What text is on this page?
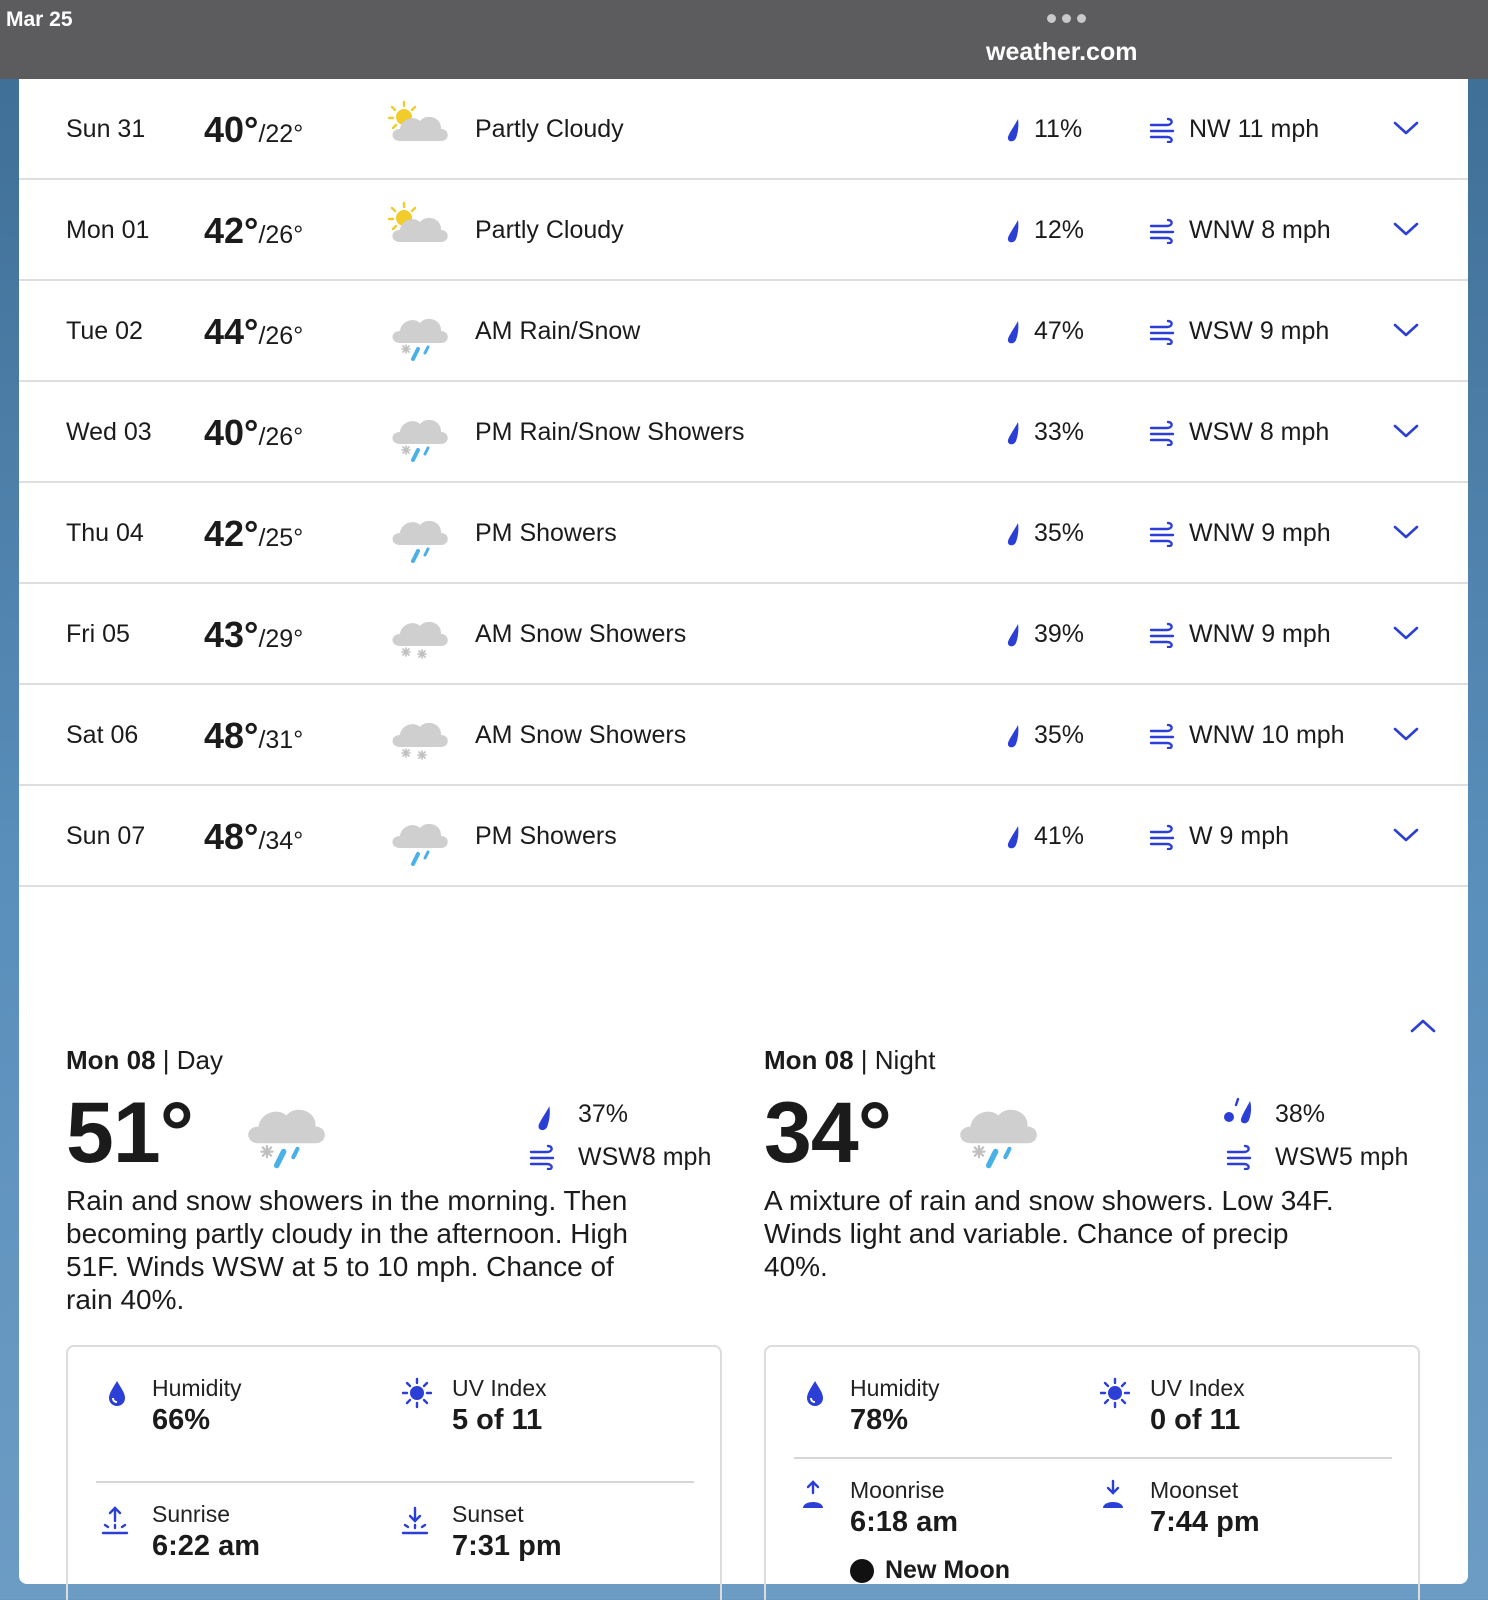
Mar 25
weather.com
Sun 31 40°/22°	Partly Cloudy	11%	NW 11 mph
Mon 01 42°/26°	Partly Cloudy	12%	WNW 8 mph
Tue 02 44°/26°	AM Rain/Snow	47%	WSW 9 mph
Wed 03 40°/26°	PM Rain/Snow Showers	33%	WSW 8 mph
Thu 04 42°/25°	PM Showers	35%	WNW 9 mph
Fri 05 43°/29°	AM Snow Showers	39%	WNW 9 mph
Sat 06 48°/31°	AM Snow Showers	35%	WNW 10 mph
Sun 07 48°/34°	PM Showers	41%	W 9 mph
Mon 08 | Day
51°	37%
WSW8 mph
Rain and snow showers in the morning. Then becoming partly cloudy in the afternoon. High 51F. Winds WSW at 5 to 10 mph. Chance of rain 40%.
Humidity
66%
UV Index
5 of 11
Sunrise
6:22 am
Sunset
7:31 pm
Mon 08 | Night
34°	38%
WSW5 mph
A mixture of rain and snow showers. Low 34F. Winds light and variable. Chance of precip 40%.
Humidity
78%
UV Index
0 of 11
Moonrise
6:18 am
Moonset
7:44 pm
New Moon
